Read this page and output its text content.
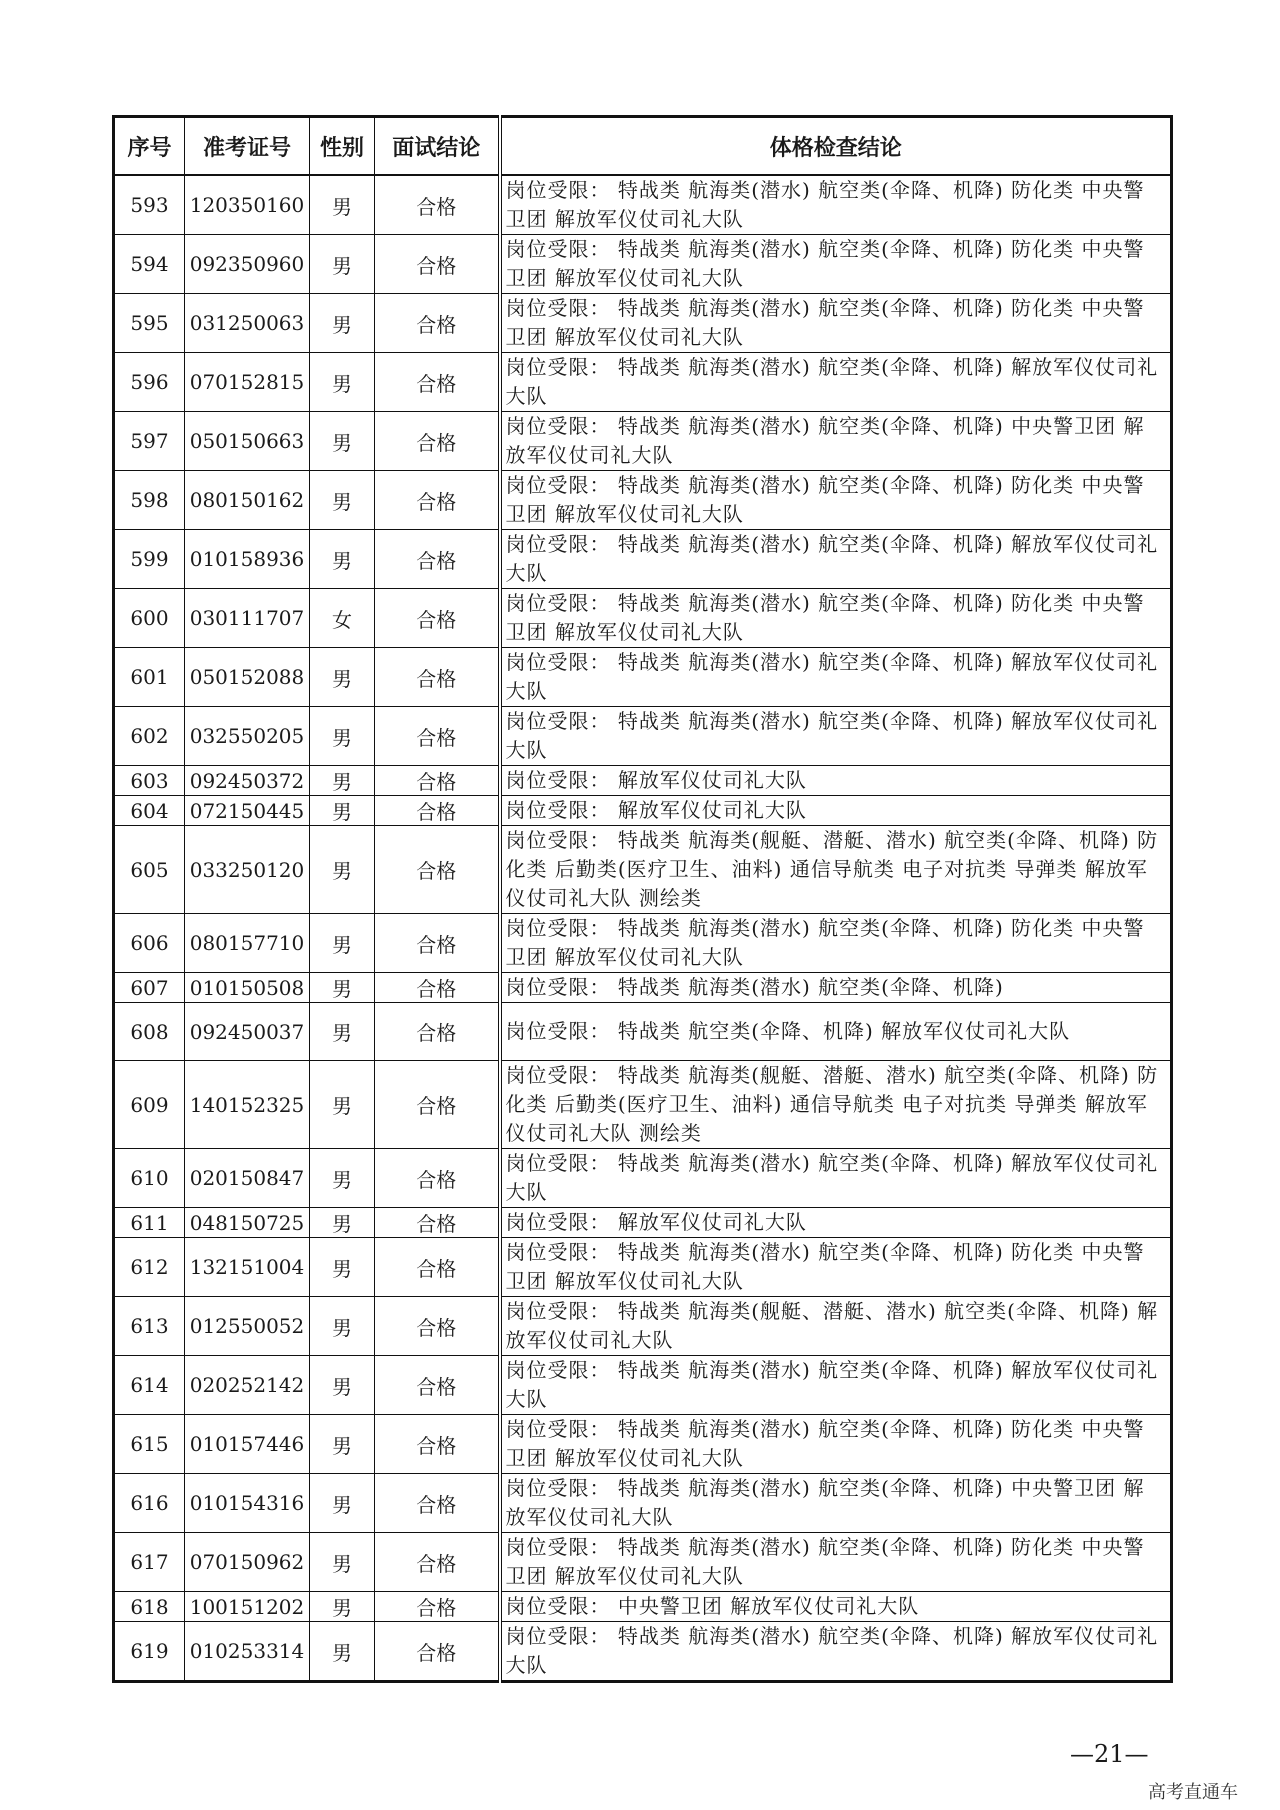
序号	准考证号	性别	面试结论	体格检查结论
593	120350160	男	合格	岗位受限： 特战类 航海类(潜水) 航空类(伞降、机降) 防化类 中央警卫团 解放军仪仗司礼大队
594	092350960	男	合格	岗位受限： 特战类 航海类(潜水) 航空类(伞降、机降) 防化类 中央警卫团 解放军仪仗司礼大队
595	031250063	男	合格	岗位受限： 特战类 航海类(潜水) 航空类(伞降、机降) 防化类 中央警卫团 解放军仪仗司礼大队
596	070152815	男	合格	岗位受限： 特战类 航海类(潜水) 航空类(伞降、机降) 解放军仪仗司礼大队
597	050150663	男	合格	岗位受限： 特战类 航海类(潜水) 航空类(伞降、机降) 中央警卫团 解放军仪仗司礼大队
598	080150162	男	合格	岗位受限： 特战类 航海类(潜水) 航空类(伞降、机降) 防化类 中央警卫团 解放军仪仗司礼大队
599	010158936	男	合格	岗位受限： 特战类 航海类(潜水) 航空类(伞降、机降) 解放军仪仗司礼大队
600	030111707	女	合格	岗位受限： 特战类 航海类(潜水) 航空类(伞降、机降) 防化类 中央警卫团 解放军仪仗司礼大队
601	050152088	男	合格	岗位受限： 特战类 航海类(潜水) 航空类(伞降、机降) 解放军仪仗司礼大队
602	032550205	男	合格	岗位受限： 特战类 航海类(潜水) 航空类(伞降、机降) 解放军仪仗司礼大队
603	092450372	男	合格	岗位受限： 解放军仪仗司礼大队
604	072150445	男	合格	岗位受限： 解放军仪仗司礼大队
605	033250120	男	合格	岗位受限： 特战类 航海类(舰艇、潜艇、潜水) 航空类(伞降、机降) 防化类 后勤类(医疗卫生、油料) 通信导航类 电子对抗类 导弹类 解放军仪仗司礼大队 测绘类
606	080157710	男	合格	岗位受限： 特战类 航海类(潜水) 航空类(伞降、机降) 防化类 中央警卫团 解放军仪仗司礼大队
607	010150508	男	合格	岗位受限： 特战类 航海类(潜水) 航空类(伞降、机降)
608	092450037	男	合格	岗位受限： 特战类 航空类(伞降、机降) 解放军仪仗司礼大队
609	140152325	男	合格	岗位受限： 特战类 航海类(舰艇、潜艇、潜水) 航空类(伞降、机降) 防化类 后勤类(医疗卫生、油料) 通信导航类 电子对抗类 导弹类 解放军仪仗司礼大队 测绘类
610	020150847	男	合格	岗位受限： 特战类 航海类(潜水) 航空类(伞降、机降) 解放军仪仗司礼大队
611	048150725	男	合格	岗位受限： 解放军仪仗司礼大队
612	132151004	男	合格	岗位受限： 特战类 航海类(潜水) 航空类(伞降、机降) 防化类 中央警卫团 解放军仪仗司礼大队
613	012550052	男	合格	岗位受限： 特战类 航海类(舰艇、潜艇、潜水) 航空类(伞降、机降) 解放军仪仗司礼大队
614	020252142	男	合格	岗位受限： 特战类 航海类(潜水) 航空类(伞降、机降) 解放军仪仗司礼大队
615	010157446	男	合格	岗位受限： 特战类 航海类(潜水) 航空类(伞降、机降) 防化类 中央警卫团 解放军仪仗司礼大队
616	010154316	男	合格	岗位受限： 特战类 航海类(潜水) 航空类(伞降、机降) 中央警卫团 解放军仪仗司礼大队
617	070150962	男	合格	岗位受限： 特战类 航海类(潜水) 航空类(伞降、机降) 防化类 中央警卫团 解放军仪仗司礼大队
618	100151202	男	合格	岗位受限： 中央警卫团 解放军仪仗司礼大队
619	010253314	男	合格	岗位受限： 特战类 航海类(潜水) 航空类(伞降、机降) 解放军仪仗司礼大队
—21—
高考直通车
